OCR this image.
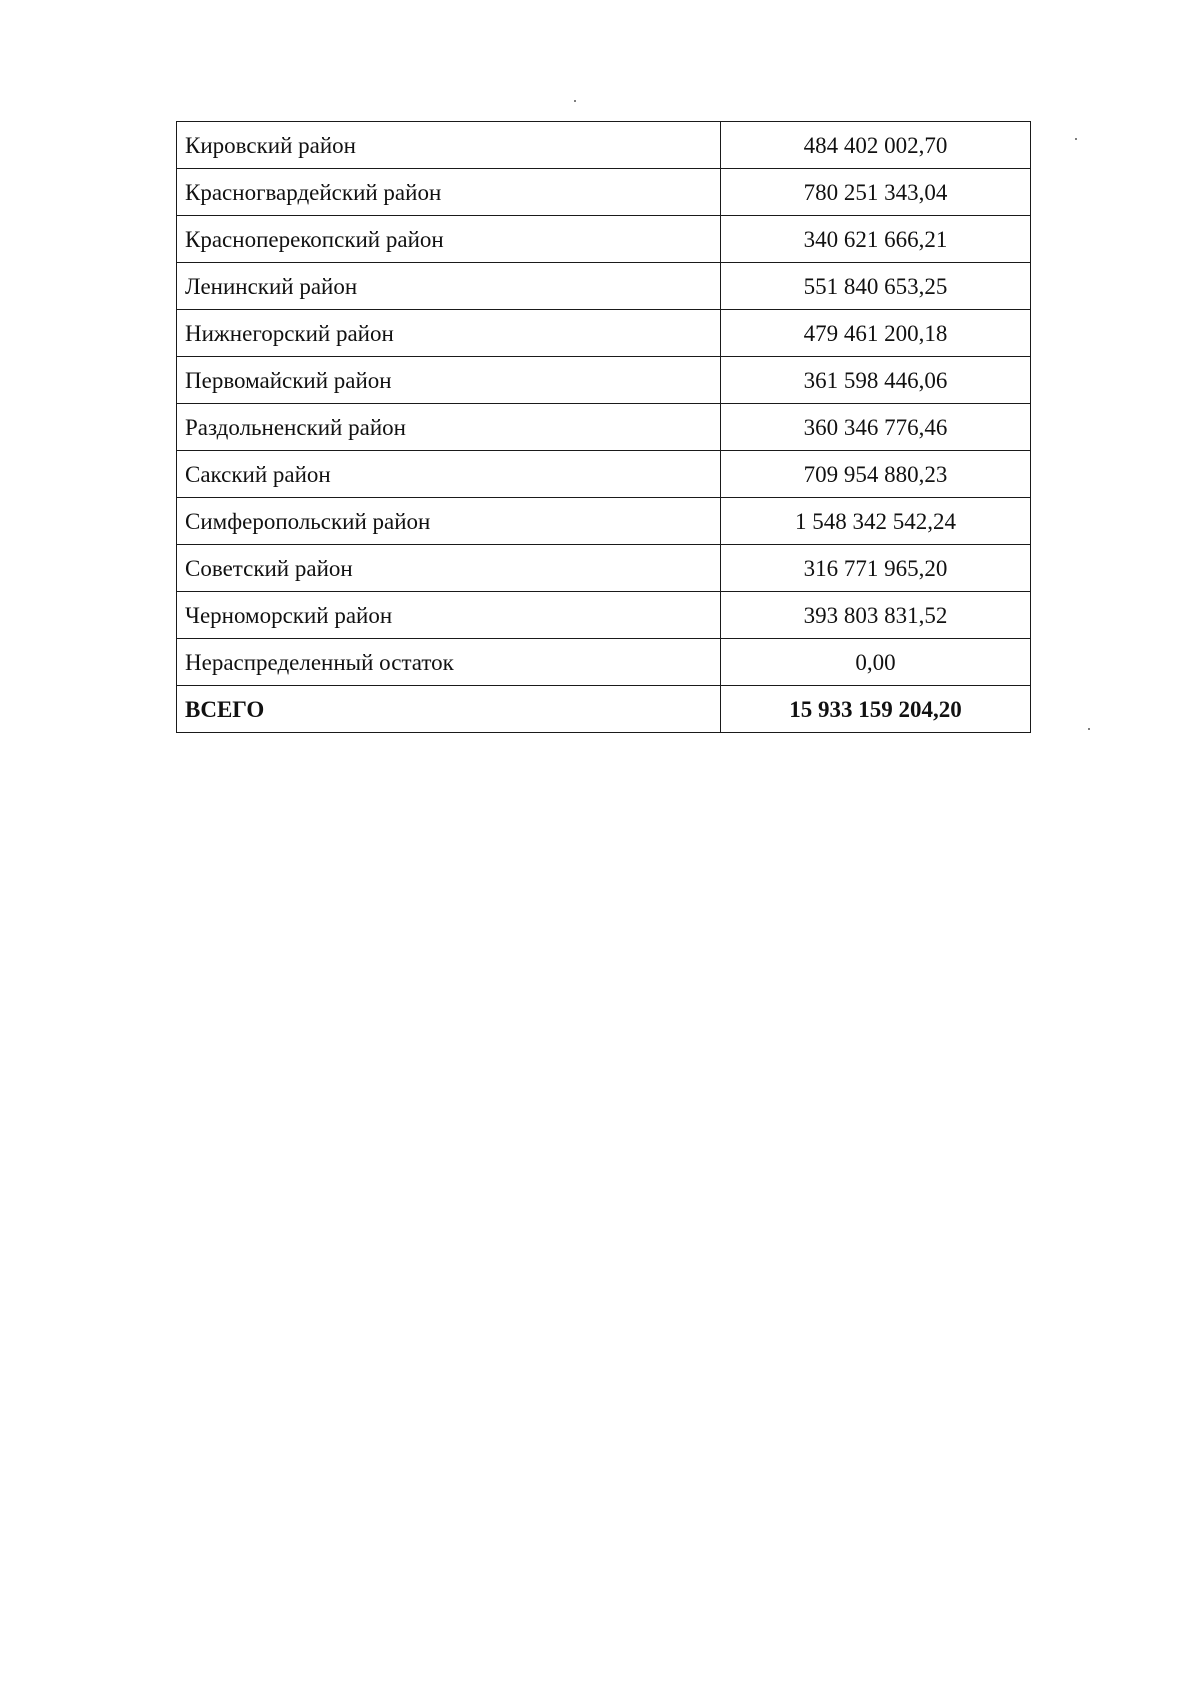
Кировский район	484 402 002,70
Красногвардейский район	780 251 343,04
Красноперекопский район	340 621 666,21
Ленинский район	551 840 653,25
Нижнегорский район	479 461 200,18
Первомайский район	361 598 446,06
Раздольненский район	360 346 776,46
Сакский район	709 954 880,23
Симферопольский район	1 548 342 542,24
Советский район	316 771 965,20
Черноморский район	393 803 831,52
Нераспределенный остаток	0,00
ВСЕГО	15 933 159 204,20
